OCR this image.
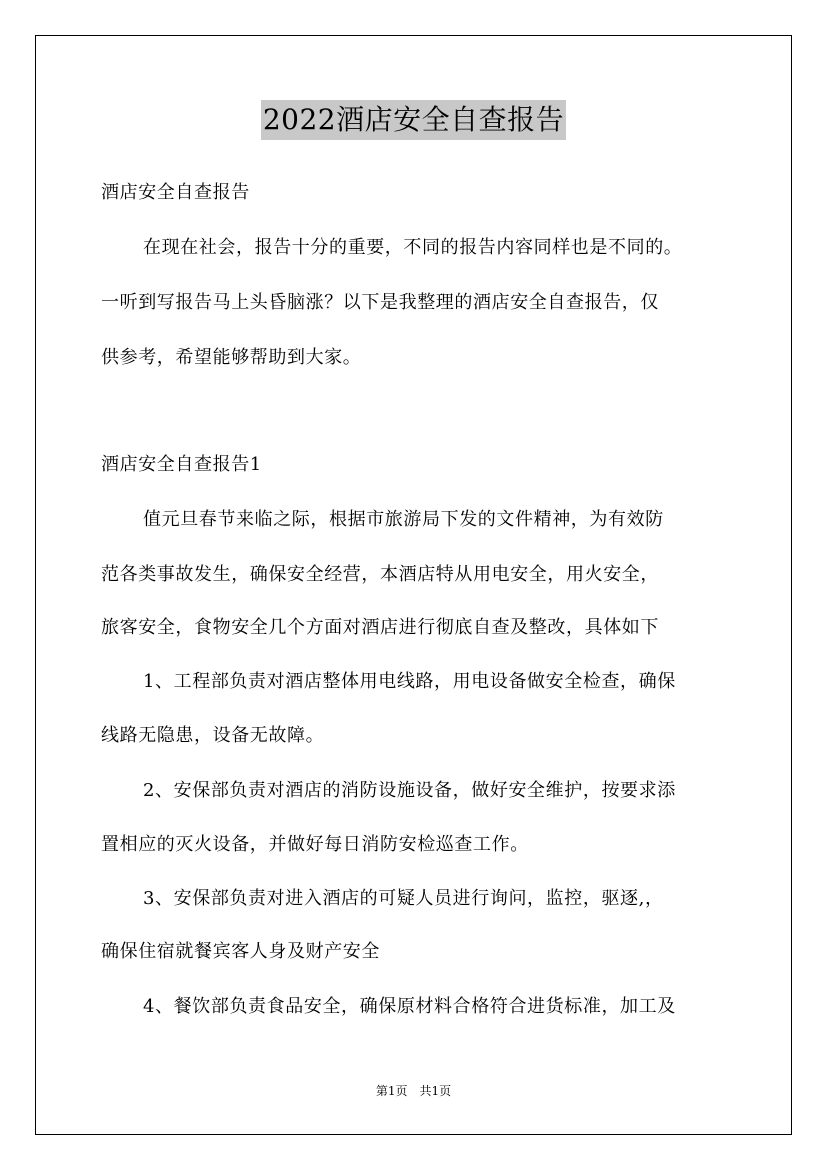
2022酒店安全自查报告
酒店安全自查报告
在现在社会，报告十分的重要，不同的报告内容同样也是不同的。
一听到写报告马上头昏脑涨？以下是我整理的酒店安全自查报告，仅
供参考，希望能够帮助到大家。
酒店安全自查报告1
值元旦春节来临之际，根据市旅游局下发的文件精神，为有效防
范各类事故发生，确保安全经营，本酒店特从用电安全，用火安全，
旅客安全，食物安全几个方面对酒店进行彻底自查及整改，具体如下
1、工程部负责对酒店整体用电线路，用电设备做安全检查，确保
线路无隐患，设备无故障。
2、安保部负责对酒店的消防设施设备，做好安全维护，按要求添
置相应的灭火设备，并做好每日消防安检巡查工作。
3、安保部负责对进入酒店的可疑人员进行询问，监控，驱逐,，
确保住宿就餐宾客人身及财产安全
4、餐饮部负责食品安全，确保原材料合格符合进货标准，加工及
第1页　共1页
